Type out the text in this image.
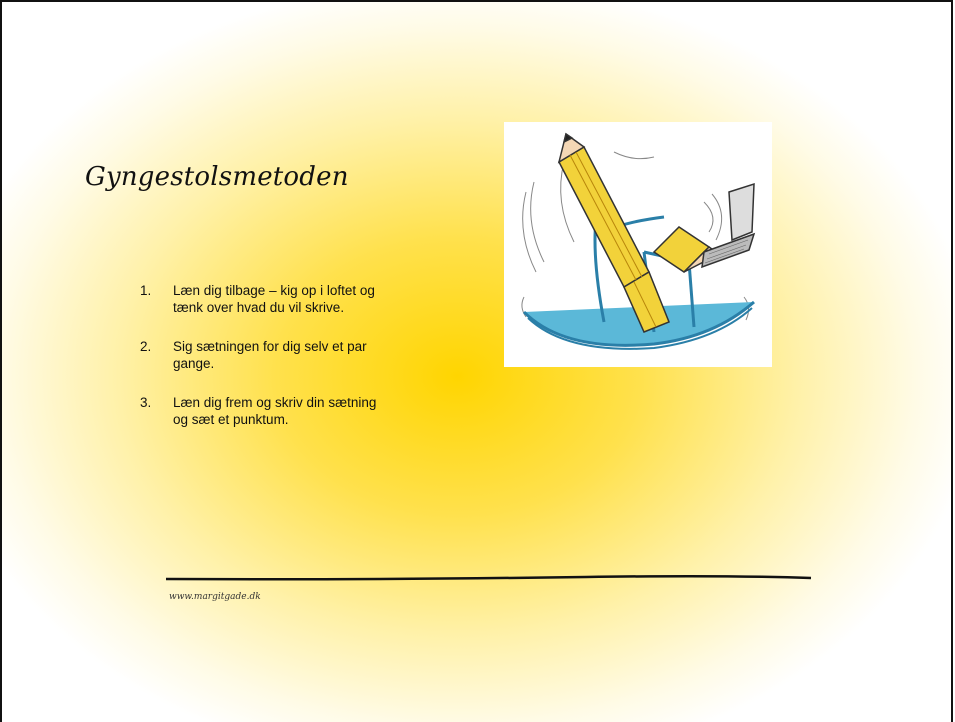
Gyngestolsmetoden
1.	Læn dig tilbage – kig op i loftet og tænk over hvad du vil skrive.
2.	Sig sætningen for dig selv et par gange.
3.	Læn dig frem og skriv din sætning og sæt et punktum.
www.margitgade.dk
